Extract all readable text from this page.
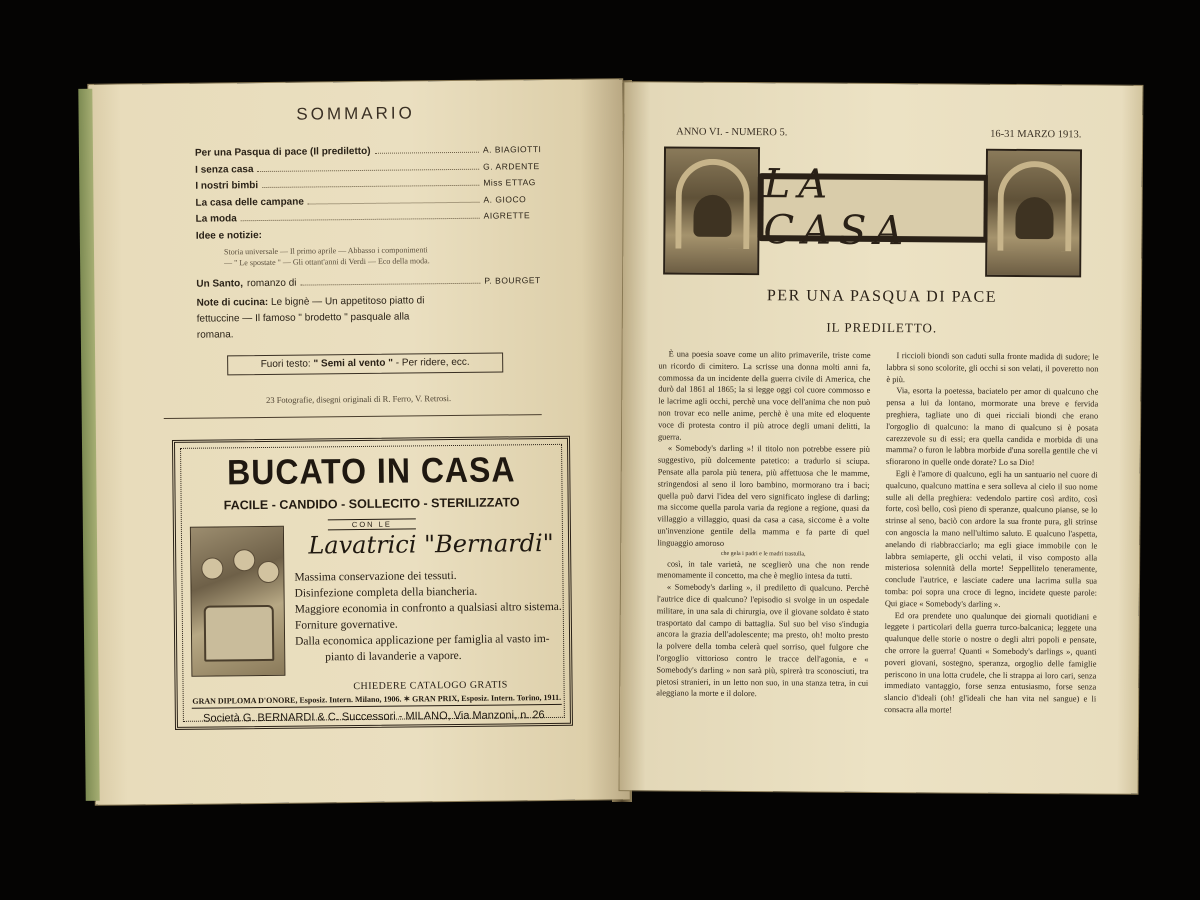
SOMMARIO
Per una Pasqua di pace (Il prediletto)	A. BIAGIOTTI
I senza casa	G. ARDENTE
I nostri bimbi	Miss ETTAG
La casa delle campane	A. GIOCO
La moda	AIGRETTE
Idee e notizie:
Storia universale — Il primo aprile — Abbasso i componimenti — " Le spostate " — Gli ottant'anni di Verdi — Eco della moda.
Un Santo, romanzo di	P. BOURGET
Note di cucina: Le bignè — Un appetitoso piatto di fettuccine — Il famoso " brodetto " pasquale alla romana.
Fuori testo: " Semi al vento " - Per ridere, ecc.
23 Fotografie, disegni originali di R. Ferro, V. Retrosi.
BUCATO IN CASA
FACILE - CANDIDO - SOLLECITO - STERILIZZATO
CON LE
Lavatrici "Bernardi"
Massima conservazione dei tessuti.
Disinfezione completa della biancheria.
Maggiore economia in confronto a qualsiasi altro sistema.
Forniture governative.
Dalla economica applicazione per famiglia al vasto im-
pianto di lavanderie a vapore.
CHIEDERE CATALOGO GRATIS
GRAN DIPLOMA D'ONORE, Esposiz. Intern. Milano, 1906. ✶ GRAN PRIX, Esposiz. Intern. Torino, 1911.
Società G. BERNARDI & C. Successori - MILANO, Via Manzoni, n. 26
ANNO VI. - NUMERO 5.	16-31 MARZO 1913.
LA CASA
PER UNA PASQUA DI PACE
IL PREDILETTO.

È una poesia soave come un alito primaverile, triste come un ricordo di cimitero. La scrisse una donna molti anni fa, commossa da un incidente della guerra civile di America, che durò dal 1861 al 1865; la si legge oggi col cuore commosso e le lacrime agli occhi, perchè una voce dell'anima che non può non trovar eco nelle anime, perchè è una mite ed eloquente voce di protesta contro il più atroce degli umani delitti, la guerra.

« Somebody's darling »! il titolo non potrebbe essere più suggestivo, più dolcemente patetico: a tradurlo si sciupa. Pensate alla parola più tenera, più affettuosa che le mamme, stringendosi al seno il loro bambino, mormorano tra i baci; quella può darvi l'idea del vero significato inglese di darling; ma siccome quella parola varia da regione a regione, quasi da villaggio a villaggio, quasi da casa a casa, siccome è a volte un'invenzione gentile della mamma e fa parte di quel linguaggio amoroso

che gela i padri e le madri trastulla,

così, in tale varietà, ne sceglierò una che non rende menomamente il concetto, ma che è meglio intesa da tutti.

« Somebody's darling », il prediletto di qualcuno. Perchè l'autrice dice di qualcuno? l'episodio si svolge in un ospedale militare, in una sala di chirurgia, ove il giovane soldato è stato trasportato dal campo di battaglia. Sul suo bel viso s'indugia ancora la grazia dell'adolescente; ma presto, oh! molto presto la polvere della tomba celerà quel sorriso, quel fulgore che l'orgoglio vittorioso contro le tracce dell'agonia, e « Somebody's darling » non sarà più, spirerà tra sconosciuti, tra pietosi stranieri, in un letto non suo, in una stanza tetra, in cui aleggiano la morte e il dolore.

I riccioli biondi son caduti sulla fronte madida di sudore; le labbra si sono scolorite, gli occhi si son velati, il poveretto non è più.

Via, esorta la poetessa, baciatelo per amor di qualcuno che pensa a lui da lontano, mormorate una breve e fervida preghiera, tagliate uno di quei ricciali biondi che erano l'orgoglio di qualcuno: la mano di qualcuno si è posata carezzevole su di essi; era quella candida e morbida di una mamma? o furon le labbra morbide d'una sorella gentile che vi sfiorarono in quelle onde dorate? Lo sa Dio!

Egli è l'amore di qualcuno, egli ha un santuario nel cuore di qualcuno, qualcuno mattina e sera solleva al cielo il suo nome sulle ali della preghiera: vedendolo partire così ardito, così forte, così bello, così pieno di speranze, qualcuno pianse, se lo strinse al seno, baciò con ardore la sua fronte pura, gli strinse con angoscia la mano nell'ultimo saluto. E qualcuno l'aspetta, anelando di riabbracciarlo; ma egli giace immobile con le labbra semiaperte, gli occhi velati, il viso composto alla misteriosa solennità della morte! Seppellitelo teneramente, conclude l'autrice, e lasciate cadere una lacrima sulla sua tomba: poi sopra una croce di legno, incidete queste parole: Qui giace « Somebody's darling ».

Ed ora prendete uno qualunque dei giornali quotidiani e leggete i particolari della guerra turco-balcanica; leggete una qualunque delle storie o nostre o degli altri popoli e pensate, che orrore la guerra! Quanti « Somebody's darlings », quanti poveri giovani, sostegno, speranza, orgoglio delle famiglie periscono in una lotta crudele, che li strappa ai loro cari, senza immediato vantaggio, forse senza entusiasmo, forse senza slancio d'ideali (oh! gl'ideali che han vita nel sangue) e li consacra alla morte!
